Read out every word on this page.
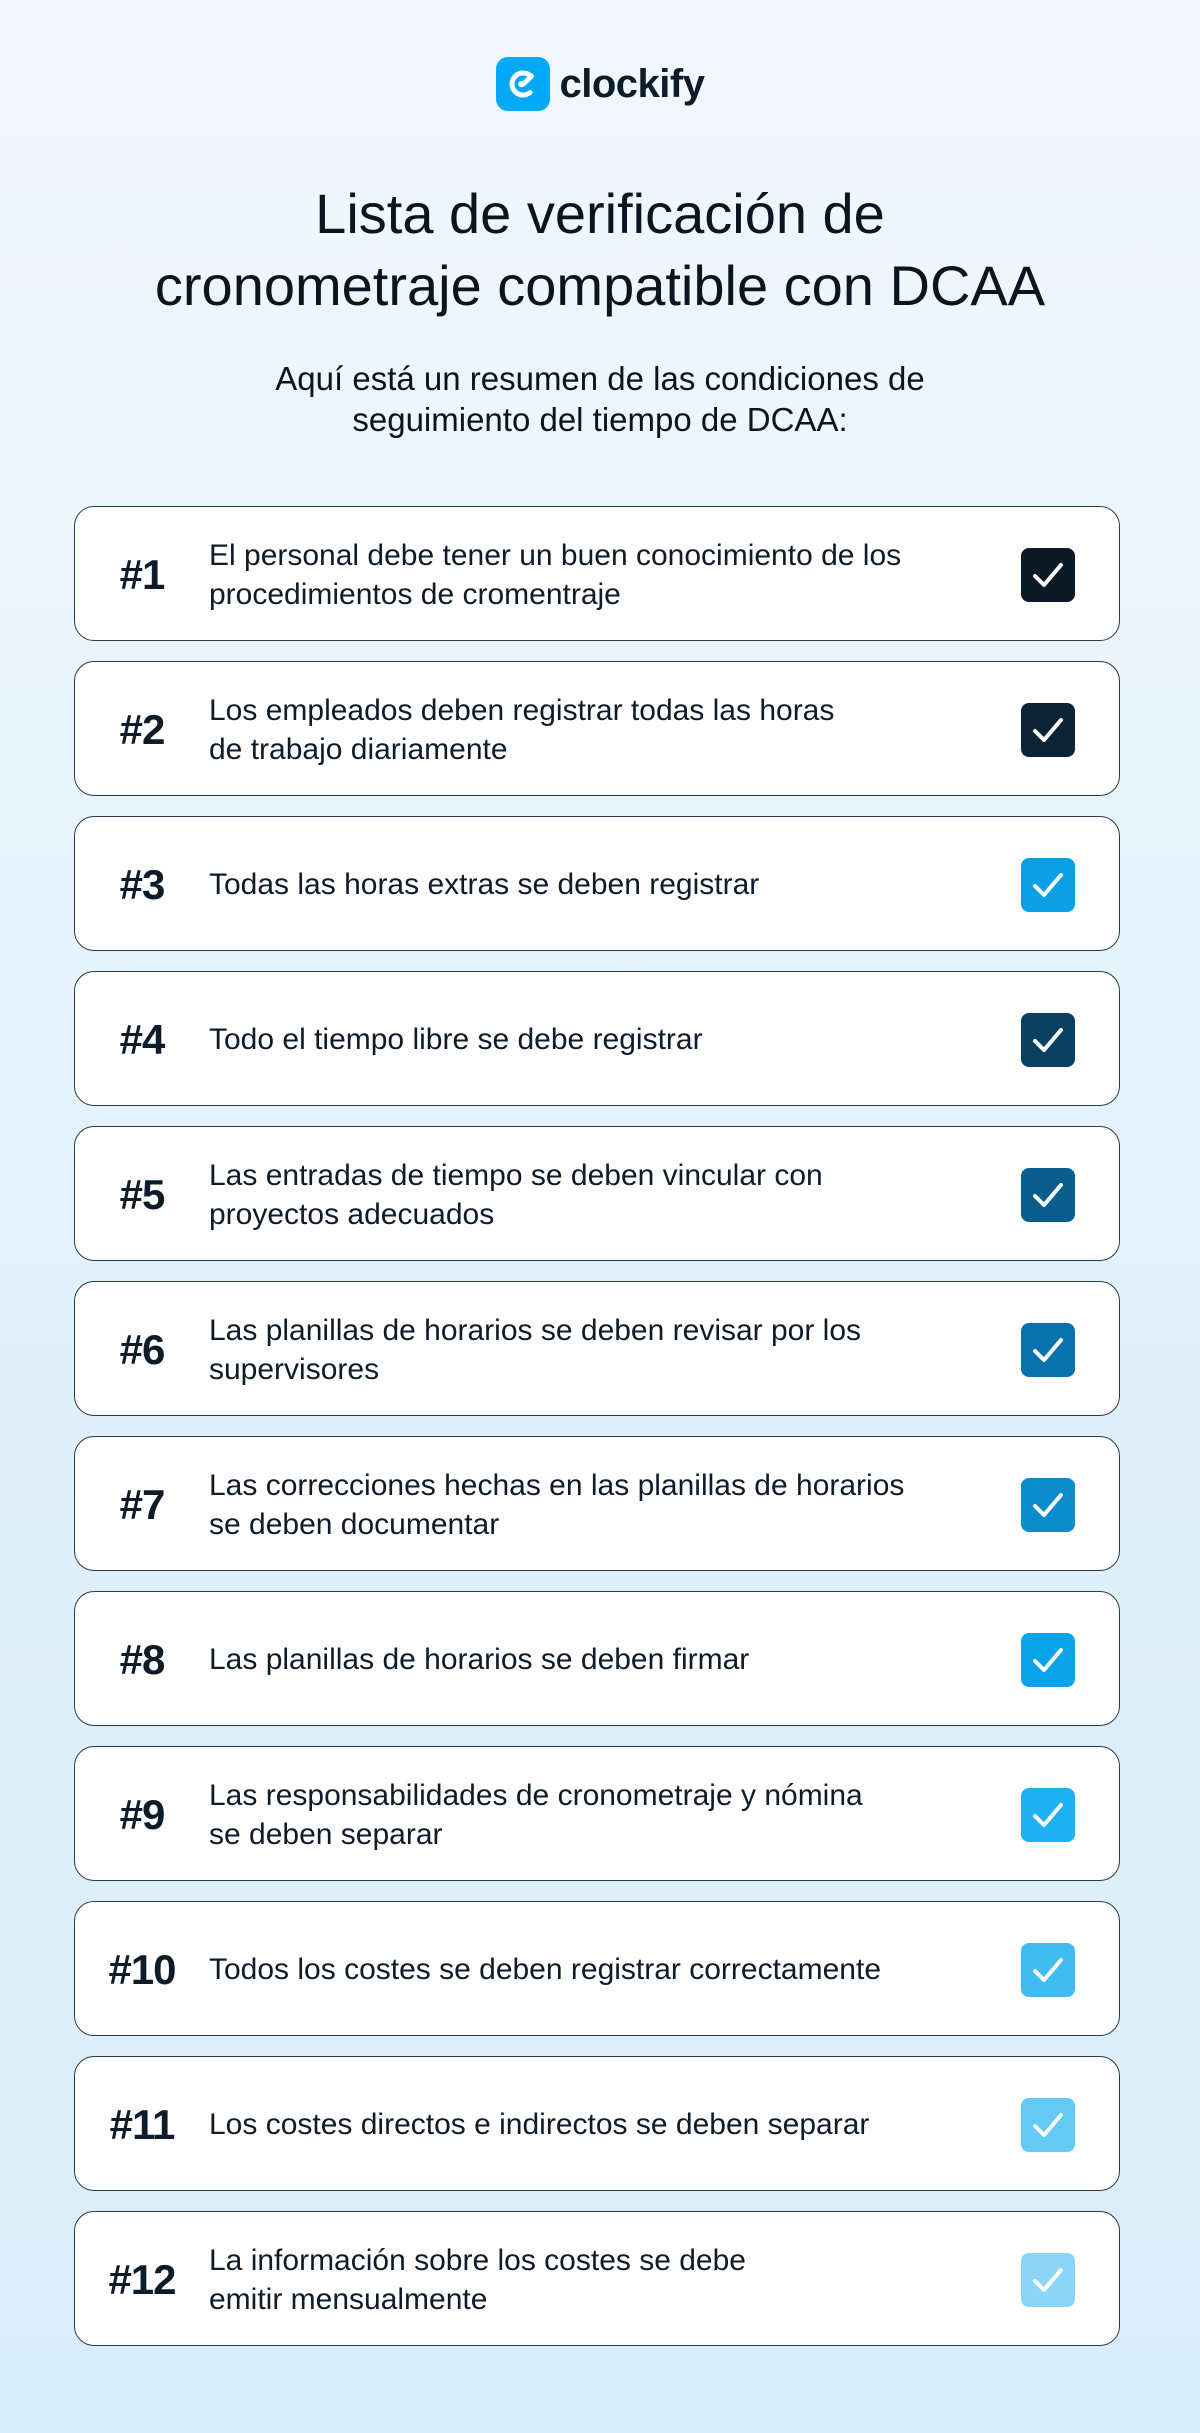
clockify
Lista de verificación de
cronometraje compatible con DCAA

Aquí está un resumen de las condiciones de
seguimiento del tiempo de DCAA:

#1	El personal debe tener un buen conocimiento de los
procedimientos de cromentraje
#2	Los empleados deben registrar todas las horas
de trabajo diariamente
#3	Todas las horas extras se deben registrar
#4	Todo el tiempo libre se debe registrar
#5	Las entradas de tiempo se deben vincular con
proyectos adecuados
#6	Las planillas de horarios se deben revisar por los
supervisores
#7	Las correcciones hechas en las planillas de horarios
se deben documentar
#8	Las planillas de horarios se deben firmar
#9	Las responsabilidades de cronometraje y nómina
se deben separar
#10	Todos los costes se deben registrar correctamente
#11	Los costes directos e indirectos se deben separar
#12	La información sobre los costes se debe
emitir mensualmente
